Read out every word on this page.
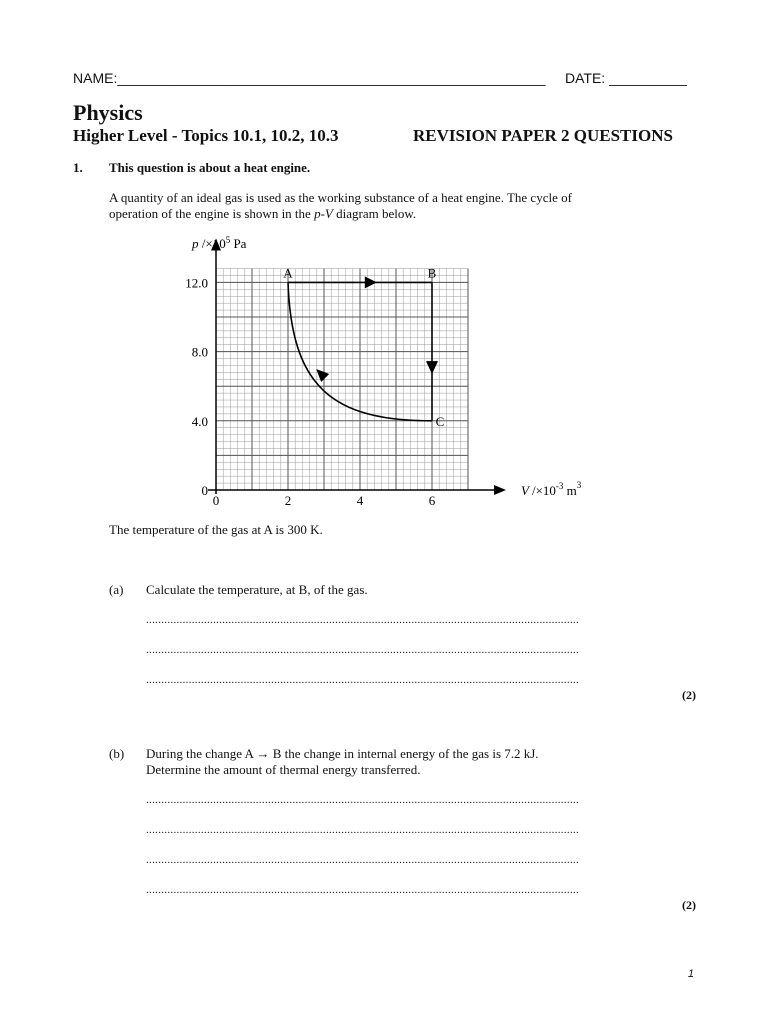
NAME:_______________________________________________________ DATE: __________
Physics
Higher Level - Topics 10.1, 10.2, 10.3	REVISION PAPER 2 QUESTIONS
1. This question is about a heat engine.
A quantity of an ideal gas is used as the working substance of a heat engine. The cycle of
operation of the engine is shown in the p-V diagram below.
0	2	4	6
0
4.0
8.0
12.0
A	B
C
p $/\times 10^5$ Pa
V $/\times 10^{-3}$ $m^3$
The temperature of the gas at A is 300 K.
(a) Calculate the temperature, at B, of the gas.
..............................................................................................................................................
..............................................................................................................................................
..............................................................................................................................................
(2)
(b) During the change A → B the change in internal energy of the gas is 7.2 kJ.
Determine the amount of thermal energy transferred.
..............................................................................................................................................
..............................................................................................................................................
..............................................................................................................................................
..............................................................................................................................................
(2)
1
